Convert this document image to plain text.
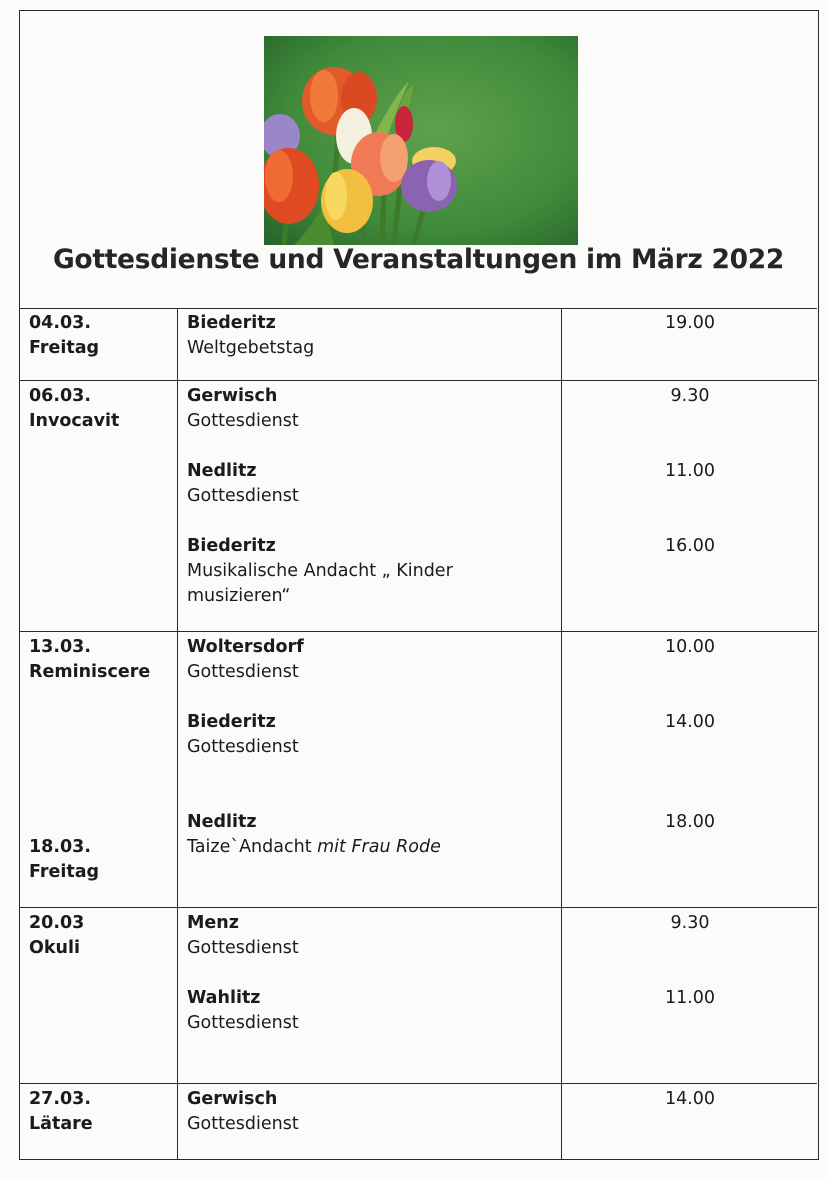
Gottesdienste und Veranstaltungen im März 2022
04.03.
Freitag
Biederitz
Weltgebetstag
19.00
06.03.
Invocavit
Gerwisch
Gottesdienst
9.30
Nedlitz
Gottesdienst
11.00
Biederitz
Musikalische Andacht „ Kinder
musizieren“
16.00
13.03.
Reminiscere
18.03.
Freitag
Woltersdorf
Gottesdienst
10.00
Biederitz
Gottesdienst
14.00
Nedlitz
Taize`Andacht mit Frau Rode
18.00
20.03
Okuli
Menz
Gottesdienst
9.30
Wahlitz
Gottesdienst
11.00
27.03.
Lätare
Gerwisch
Gottesdienst
14.00
